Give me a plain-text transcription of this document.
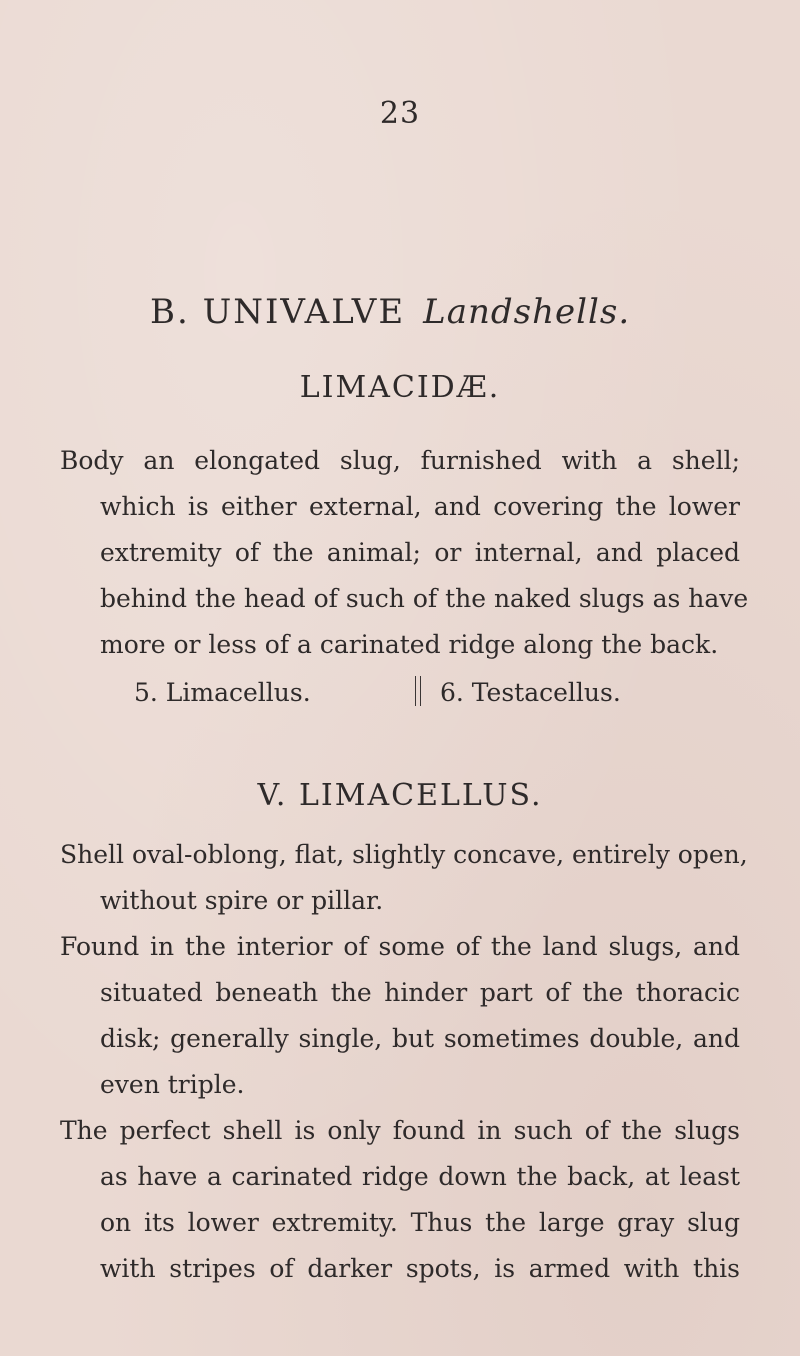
23
B. UNIVALVE Landshells.
LIMACIDÆ.
Body an elongated slug, furnished with a shell;
which is either external, and covering the lower
extremity of the animal; or internal, and placed
behind the head of such of the naked slugs as have
more or less of a carinated ridge along the back.
5. Limacellus.	6. Testacellus.
V. LIMACELLUS.
Shell oval-oblong, flat, slightly concave, entirely open,
without spire or pillar.
Found in the interior of some of the land slugs, and
situated beneath the hinder part of the thoracic
disk; generally single, but sometimes double, and
even triple.
The perfect shell is only found in such of the slugs
as have a carinated ridge down the back, at least
on its lower extremity. Thus the large gray slug
with stripes of darker spots, is armed with this
